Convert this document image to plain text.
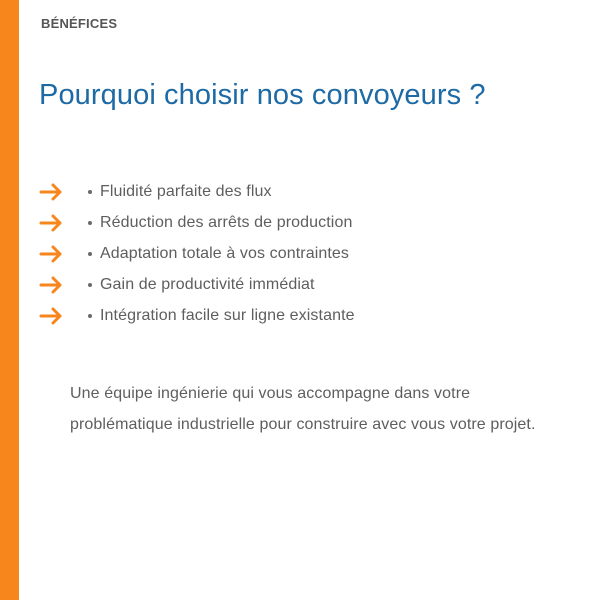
BÉNÉFICES
Pourquoi choisir nos convoyeurs ?
Fluidité parfaite des flux
Réduction des arrêts de production
Adaptation totale à vos contraintes
Gain de productivité immédiat
Intégration facile sur ligne existante

Une équipe ingénierie qui vous accompagne dans votre problématique industrielle pour construire avec vous votre projet.
